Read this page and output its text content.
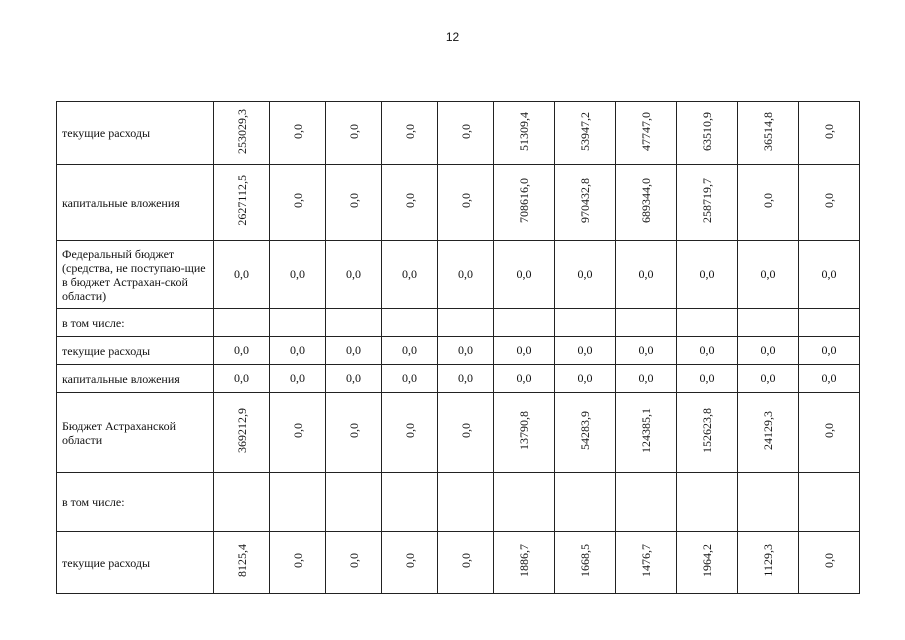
12
текущие расходы	253029,3	0,0	0,0	0,0	0,0	51309,4	53947,2	47747,0	63510,9	36514,8	0,0
капитальные вложения	2627112,5	0,0	0,0	0,0	0,0	708616,0	970432,8	689344,0	258719,7	0,0	0,0
Федеральный бюджет (средства, не поступаю-щие в бюджет Астрахан-ской области)	0,0	0,0	0,0	0,0	0,0	0,0	0,0	0,0	0,0	0,0	0,0
в том числе:											
текущие расходы	0,0	0,0	0,0	0,0	0,0	0,0	0,0	0,0	0,0	0,0	0,0
капитальные вложения	0,0	0,0	0,0	0,0	0,0	0,0	0,0	0,0	0,0	0,0	0,0
Бюджет Астраханской области	369212,9	0,0	0,0	0,0	0,0	13790,8	54283,9	124385,1	152623,8	24129,3	0,0
в том числе:											
текущие расходы	8125,4	0,0	0,0	0,0	0,0	1886,7	1668,5	1476,7	1964,2	1129,3	0,0
